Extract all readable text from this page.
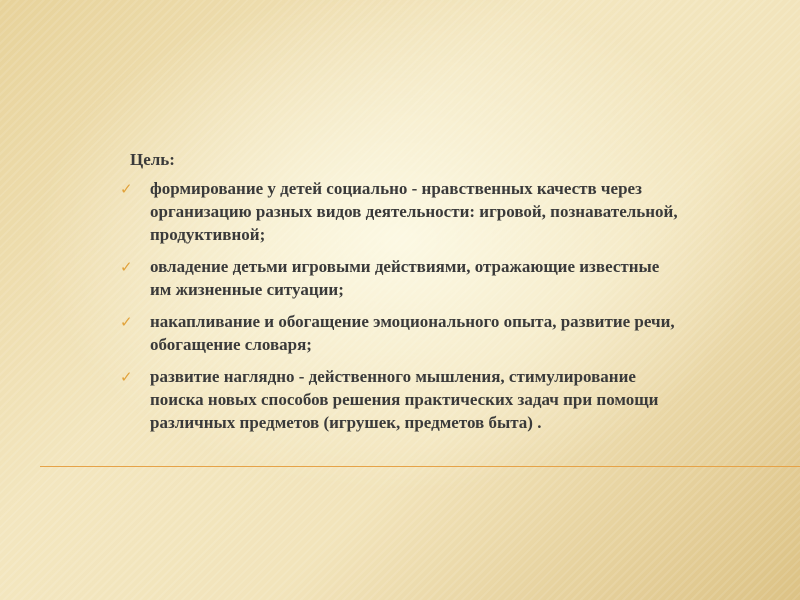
Цель:
✓	формирование у детей социально - нравственных качеств через организацию разных видов деятельности: игровой, познавательной, продуктивной;
✓	овладение детьми игровыми действиями, отражающие известные им жизненные ситуации;
✓	накапливание и обогащение эмоционального опыта, развитие речи, обогащение словаря;
✓	развитие наглядно - действенного мышления, стимулирование поиска новых способов решения практических задач при помощи различных предметов (игрушек, предметов быта) .
